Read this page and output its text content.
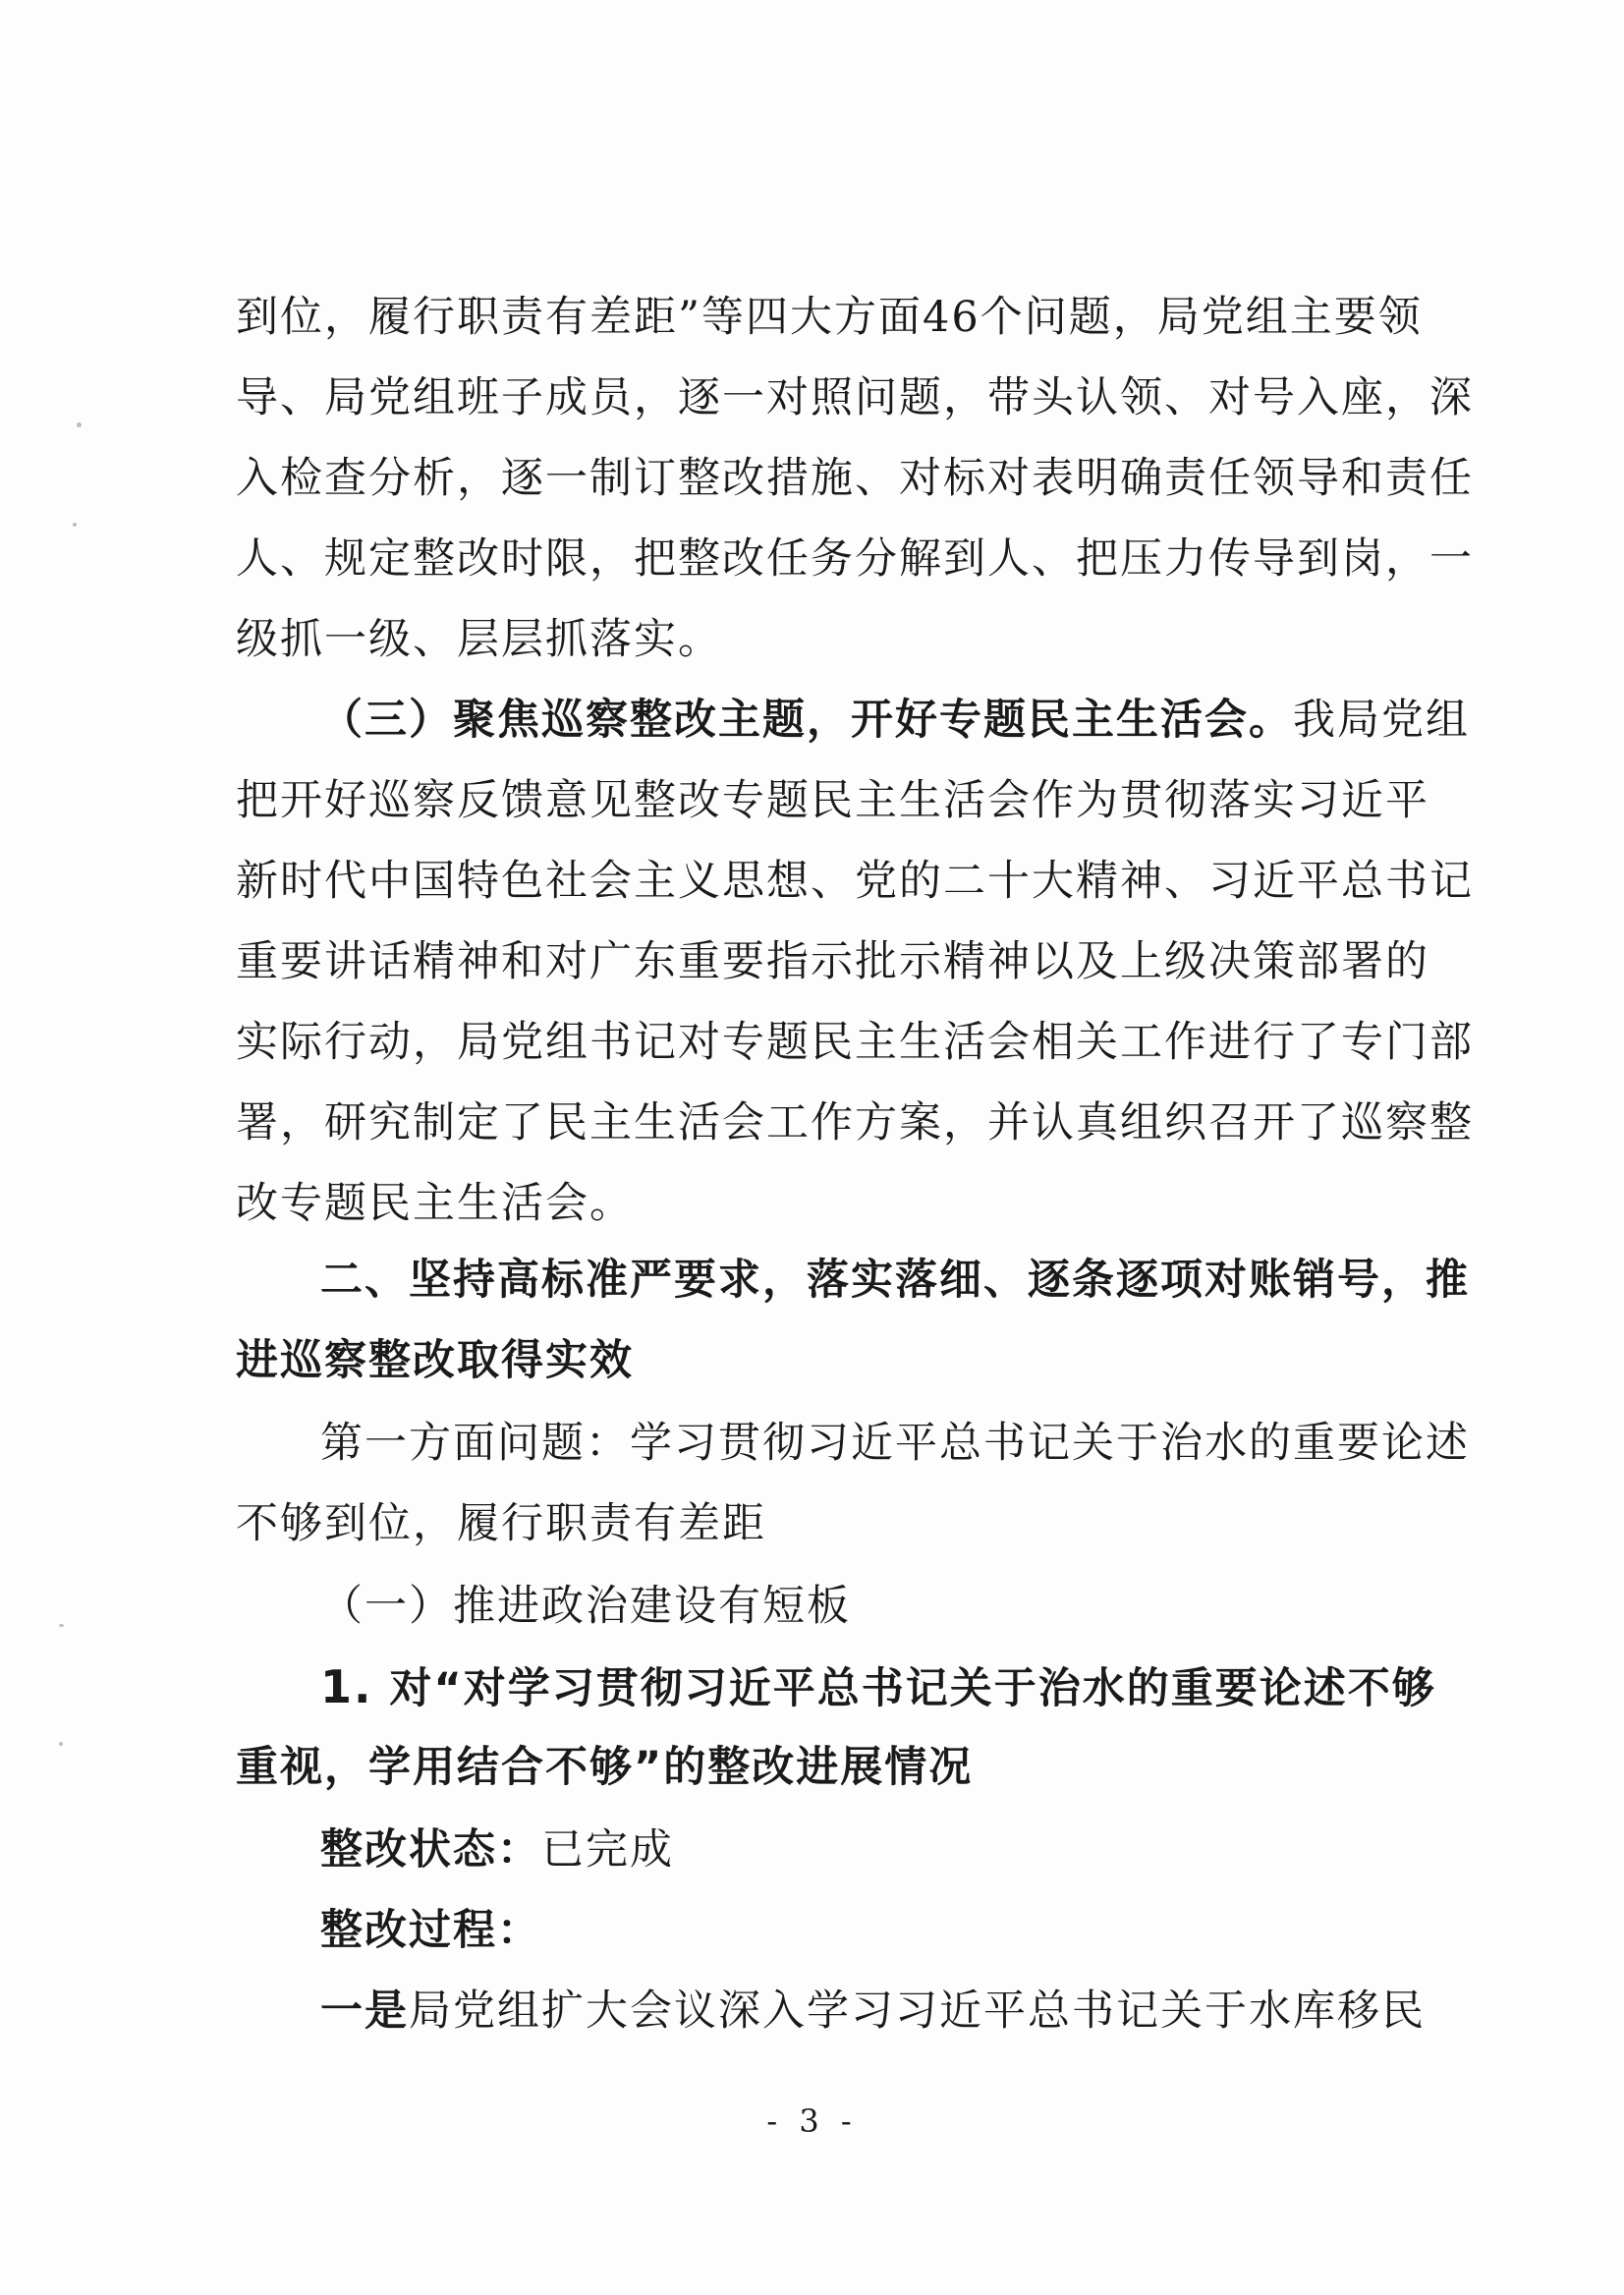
到位，履行职责有差距”等四大方面46个问题，局党组主要领
导、局党组班子成员，逐一对照问题，带头认领、对号入座，深
入检查分析，逐一制订整改措施、对标对表明确责任领导和责任
人、规定整改时限，把整改任务分解到人、把压力传导到岗，一
级抓一级、层层抓落实。
（三）聚焦巡察整改主题，开好专题民主生活会。我局党组
把开好巡察反馈意见整改专题民主生活会作为贯彻落实习近平
新时代中国特色社会主义思想、党的二十大精神、习近平总书记
重要讲话精神和对广东重要指示批示精神以及上级决策部署的
实际行动，局党组书记对专题民主生活会相关工作进行了专门部
署，研究制定了民主生活会工作方案，并认真组织召开了巡察整
改专题民主生活会。
二、坚持高标准严要求，落实落细、逐条逐项对账销号，推
进巡察整改取得实效
第一方面问题：学习贯彻习近平总书记关于治水的重要论述
不够到位，履行职责有差距
（一）推进政治建设有短板
1. 对“对学习贯彻习近平总书记关于治水的重要论述不够
重视，学用结合不够”的整改进展情况
整改状态：已完成
整改过程：
一是局党组扩大会议深入学习习近平总书记关于水库移民
- 3 -
